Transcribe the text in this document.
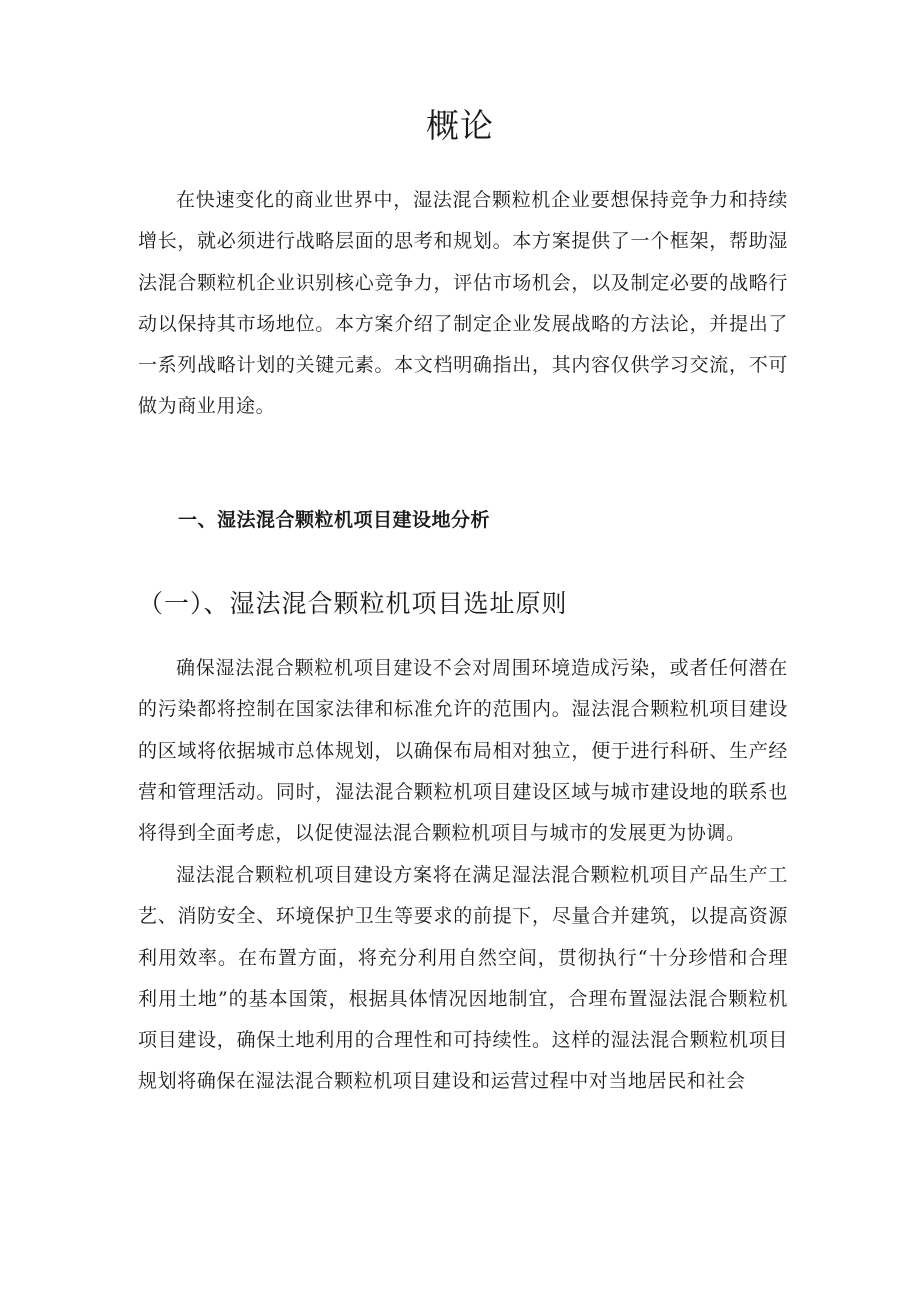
概论

在快速变化的商业世界中，湿法混合颗粒机企业要想保持竞争力和持续增长，就必须进行战略层面的思考和规划。本方案提供了一个框架，帮助湿法混合颗粒机企业识别核心竞争力，评估市场机会，以及制定必要的战略行动以保持其市场地位。本方案介绍了制定企业发展战略的方法论，并提出了一系列战略计划的关键元素。本文档明确指出，其内容仅供学习交流，不可做为商业用途。

一、湿法混合颗粒机项目建设地分析
（一）、湿法混合颗粒机项目选址原则

确保湿法混合颗粒机项目建设不会对周围环境造成污染，或者任何潜在的污染都将控制在国家法律和标准允许的范围内。湿法混合颗粒机项目建设的区域将依据城市总体规划，以确保布局相对独立，便于进行科研、生产经营和管理活动。同时，湿法混合颗粒机项目建设区域与城市建设地的联系也将得到全面考虑，以促使湿法混合颗粒机项目与城市的发展更为协调。

湿法混合颗粒机项目建设方案将在满足湿法混合颗粒机项目产品生产工艺、消防安全、环境保护卫生等要求的前提下，尽量合并建筑，以提高资源利用效率。在布置方面，将充分利用自然空间，贯彻执行“十分珍惜和合理利用土地”的基本国策，根据具体情况因地制宜，合理布置湿法混合颗粒机项目建设，确保土地利用的合理性和可持续性。这样的湿法混合颗粒机项目规划将确保在湿法混合颗粒机项目建设和运营过程中对当地居民和社会
